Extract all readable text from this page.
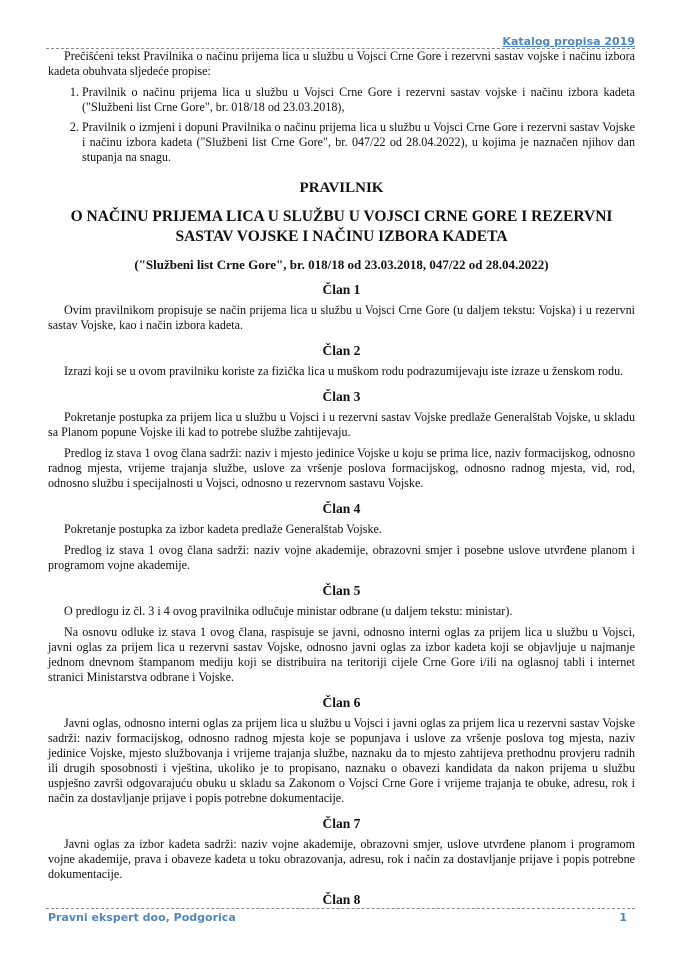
Katalog propisa 2019

Prečišćeni tekst Pravilnika o načinu prijema lica u službu u Vojsci Crne Gore i rezervni sastav vojske i načinu izbora kadeta obuhvata sljedeće propise:

1. Pravilnik o načinu prijema lica u službu u Vojsci Crne Gore i rezervni sastav vojske i načinu izbora kadeta ("Službeni list Crne Gore", br. 018/18 od 23.03.2018),
2. Pravilnik o izmjeni i dopuni Pravilnika o načinu prijema lica u službu u Vojsci Crne Gore i rezervni sastav Vojske i načinu izbora kadeta ("Službeni list Crne Gore", br. 047/22 od 28.04.2022), u kojima je naznačen njihov dan stupanja na snagu.
PRAVILNIK
O NAČINU PRIJEMA LICA U SLUŽBU U VOJSCI CRNE GORE I REZERVNI SASTAV VOJSKE I NAČINU IZBORA KADETA
("Službeni list Crne Gore", br. 018/18 od 23.03.2018, 047/22 od 28.04.2022)
Član 1

Ovim pravilnikom propisuje se način prijema lica u službu u Vojsci Crne Gore (u daljem tekstu: Vojska) i u rezervni sastav Vojske, kao i način izbora kadeta.

Član 2

Izrazi koji se u ovom pravilniku koriste za fizička lica u muškom rodu podrazumijevaju iste izraze u ženskom rodu.

Član 3

Pokretanje postupka za prijem lica u službu u Vojsci i u rezervni sastav Vojske predlaže Generalštab Vojske, u skladu sa Planom popune Vojske ili kad to potrebe službe zahtijevaju.

Predlog iz stava 1 ovog člana sadrži: naziv i mjesto jedinice Vojske u koju se prima lice, naziv formacijskog, odnosno radnog mjesta, vrijeme trajanja službe, uslove za vršenje poslova formacijskog, odnosno radnog mjesta, vid, rod, odnosno službu i specijalnosti u Vojsci, odnosno u rezervnom sastavu Vojske.

Član 4

Pokretanje postupka za izbor kadeta predlaže Generalštab Vojske.

Predlog iz stava 1 ovog člana sadrži: naziv vojne akademije, obrazovni smjer i posebne uslove utvrđene planom i programom vojne akademije.

Član 5

O predlogu iz čl. 3 i 4 ovog pravilnika odlučuje ministar odbrane (u daljem tekstu: ministar).

Na osnovu odluke iz stava 1 ovog člana, raspisuje se javni, odnosno interni oglas za prijem lica u službu u Vojsci, javni oglas za prijem lica u rezervni sastav Vojske, odnosno javni oglas za izbor kadeta koji se objavljuje u najmanje jednom dnevnom štampanom mediju koji se distribuira na teritoriji cijele Crne Gore i/ili na oglasnoj tabli i internet stranici Ministarstva odbrane i Vojske.

Član 6

Javni oglas, odnosno interni oglas za prijem lica u službu u Vojsci i javni oglas za prijem lica u rezervni sastav Vojske sadrži: naziv formacijskog, odnosno radnog mjesta koje se popunjava i uslove za vršenje poslova tog mjesta, naziv jedinice Vojske, mjesto službovanja i vrijeme trajanja službe, naznaku da to mjesto zahtijeva prethodnu provjeru radnih ili drugih sposobnosti i vještina, ukoliko je to propisano, naznaku o obavezi kandidata da nakon prijema u službu uspješno završi odgovarajuću obuku u skladu sa Zakonom o Vojsci Crne Gore i vrijeme trajanja te obuke, adresu, rok i način za dostavljanje prijave i popis potrebne dokumentacije.

Član 7

Javni oglas za izbor kadeta sadrži: naziv vojne akademije, obrazovni smjer, uslove utvrđene planom i programom vojne akademije, prava i obaveze kadeta u toku obrazovanja, adresu, rok i način za dostavljanje prijave i popis potrebne dokumentacije.

Član 8
Pravni ekspert doo, Podgorica	1
